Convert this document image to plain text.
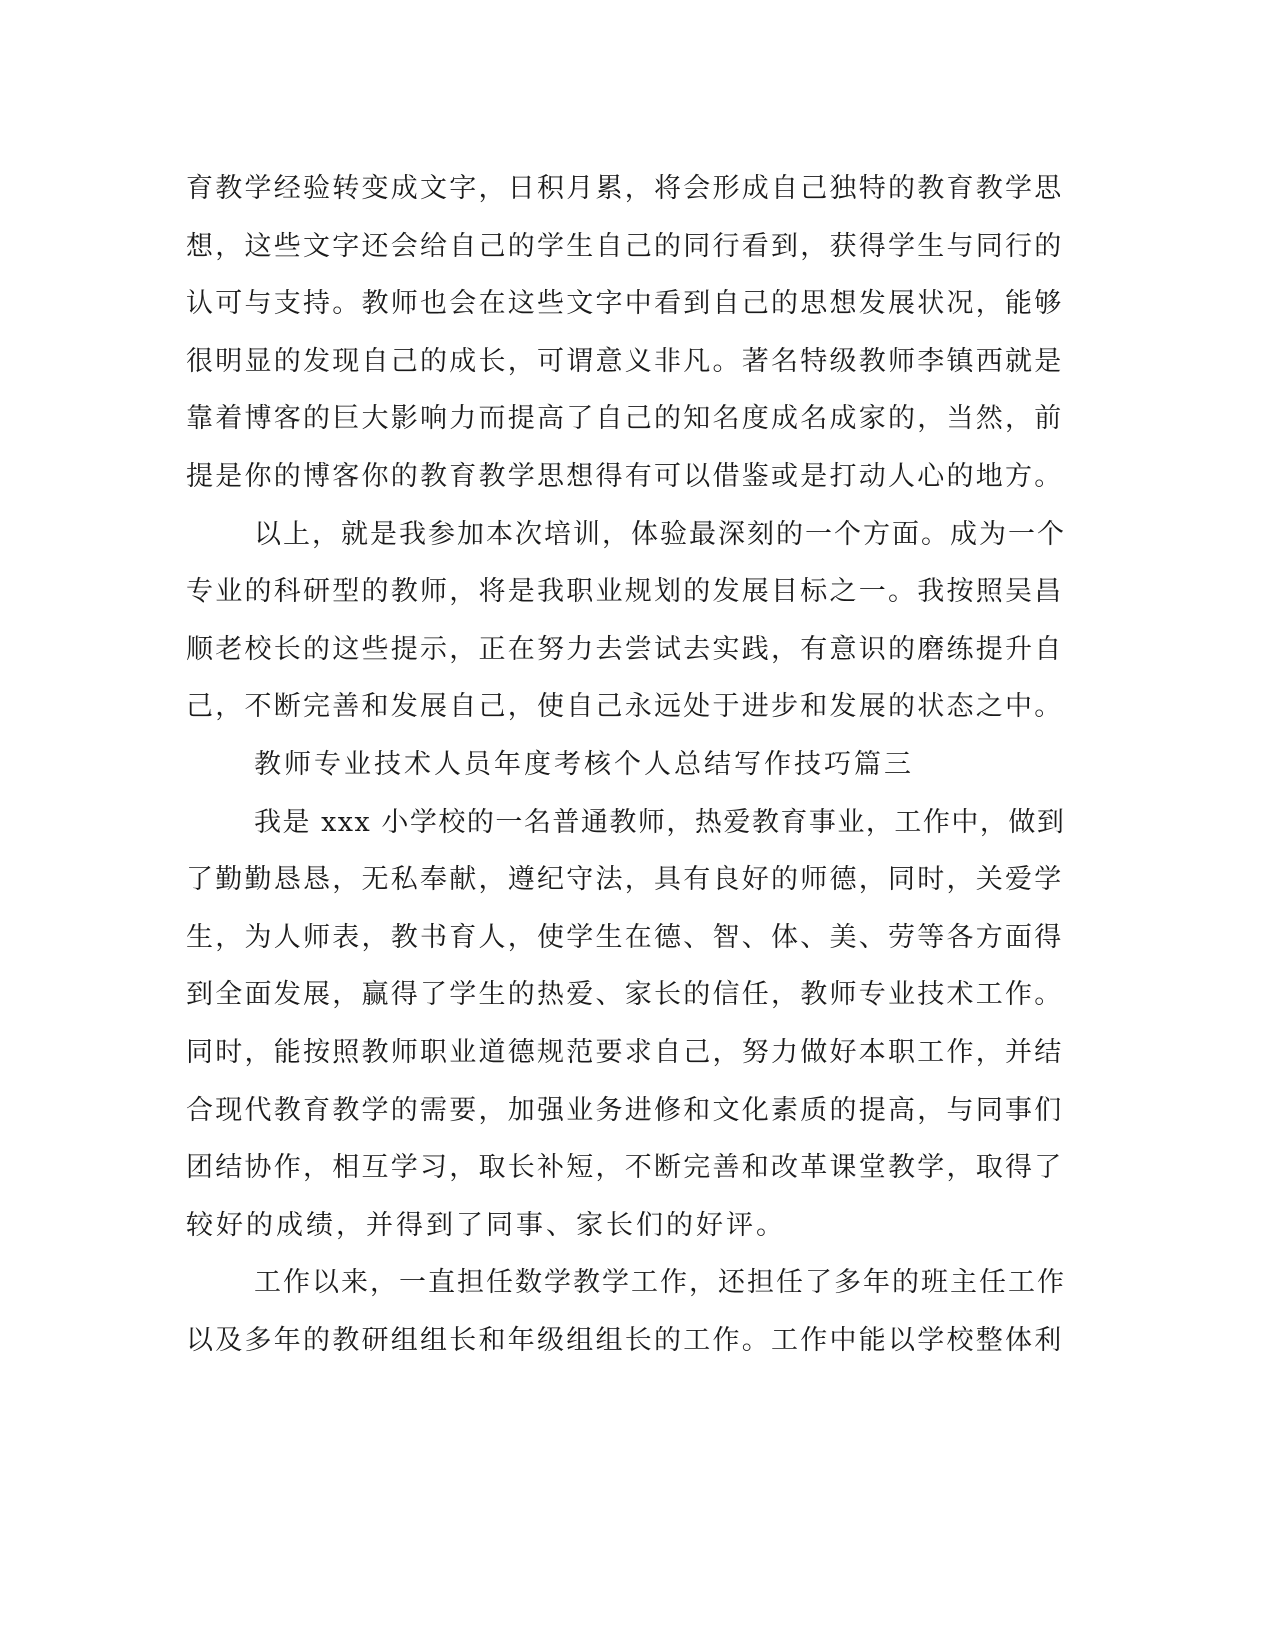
育教学经验转变成文字，日积月累，将会形成自己独特的教育教学思
想，这些文字还会给自己的学生自己的同行看到，获得学生与同行的
认可与支持。教师也会在这些文字中看到自己的思想发展状况，能够
很明显的发现自己的成长，可谓意义非凡。著名特级教师李镇西就是
靠着博客的巨大影响力而提高了自己的知名度成名成家的，当然，前
提是你的博客你的教育教学思想得有可以借鉴或是打动人心的地方。
以上，就是我参加本次培训，体验最深刻的一个方面。成为一个
专业的科研型的教师，将是我职业规划的发展目标之一。我按照吴昌
顺老校长的这些提示，正在努力去尝试去实践，有意识的磨练提升自
己，不断完善和发展自己，使自己永远处于进步和发展的状态之中。
教师专业技术人员年度考核个人总结写作技巧篇三
我是 xxx 小学校的一名普通教师，热爱教育事业，工作中，做到
了勤勤恳恳，无私奉献，遵纪守法，具有良好的师德，同时，关爱学
生，为人师表，教书育人，使学生在德、智、体、美、劳等各方面得
到全面发展，赢得了学生的热爱、家长的信任，教师专业技术工作。
同时，能按照教师职业道德规范要求自己，努力做好本职工作，并结
合现代教育教学的需要，加强业务进修和文化素质的提高，与同事们
团结协作，相互学习，取长补短，不断完善和改革课堂教学，取得了
较好的成绩，并得到了同事、家长们的好评。
工作以来，一直担任数学教学工作，还担任了多年的班主任工作
以及多年的教研组组长和年级组组长的工作。工作中能以学校整体利
